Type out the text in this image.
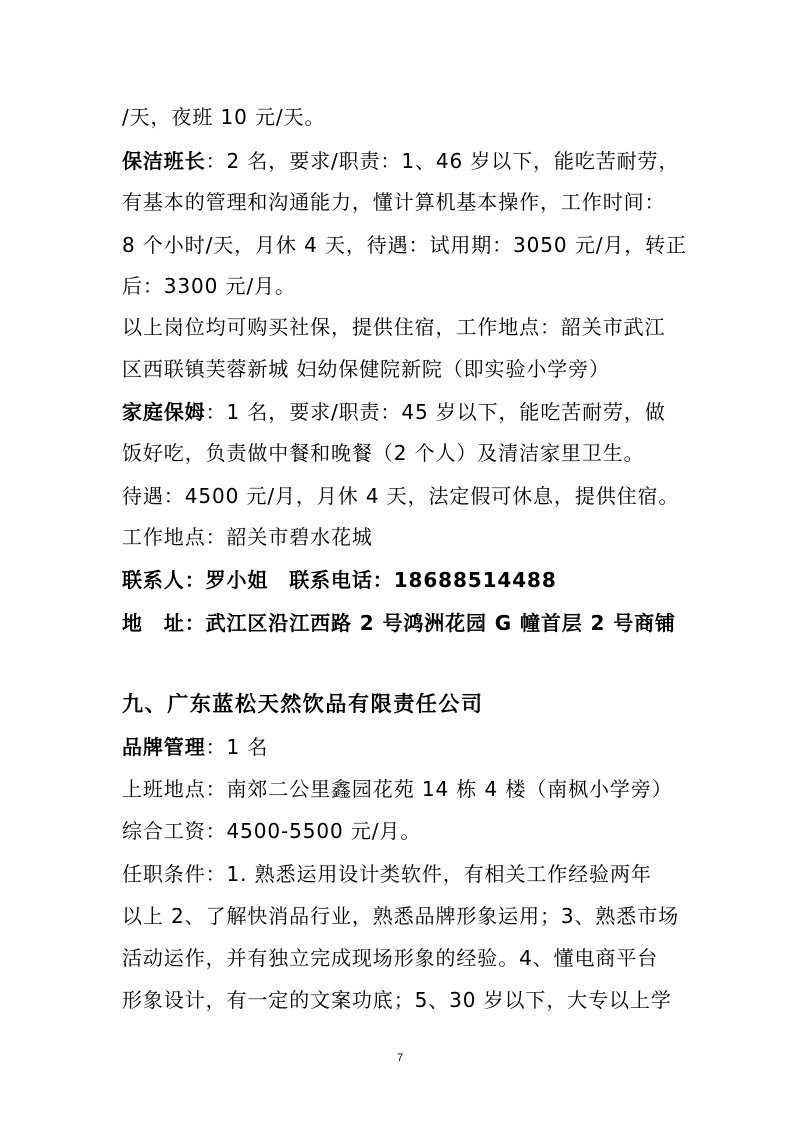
/天，夜班 10 元/天。
保洁班长：2 名，要求/职责：1、46 岁以下，能吃苦耐劳，
有基本的管理和沟通能力，懂计算机基本操作，工作时间：
8 个小时/天，月休 4 天，待遇：试用期：3050 元/月，转正
后：3300 元/月。
以上岗位均可购买社保，提供住宿，工作地点：韶关市武江
区西联镇芙蓉新城 妇幼保健院新院（即实验小学旁）
家庭保姆：1 名，要求/职责：45 岁以下，能吃苦耐劳，做
饭好吃，负责做中餐和晚餐（2 个人）及清洁家里卫生。
待遇：4500 元/月，月休 4 天，法定假可休息，提供住宿。
工作地点：韶关市碧水花城
联系人：罗小姐　联系电话：18688514488
地　址：武江区沿江西路 2 号鸿洲花园 G 幢首层 2 号商铺
九、广东蓝松天然饮品有限责任公司
品牌管理：1 名
上班地点：南郊二公里鑫园花苑 14 栋 4 楼（南枫小学旁）
综合工资：4500-5500 元/月。
任职条件：1. 熟悉运用设计类软件，有相关工作经验两年
以上 2、了解快消品行业，熟悉品牌形象运用；3、熟悉市场
活动运作，并有独立完成现场形象的经验。4、懂电商平台
形象设计，有一定的文案功底；5、30 岁以下，大专以上学
7
